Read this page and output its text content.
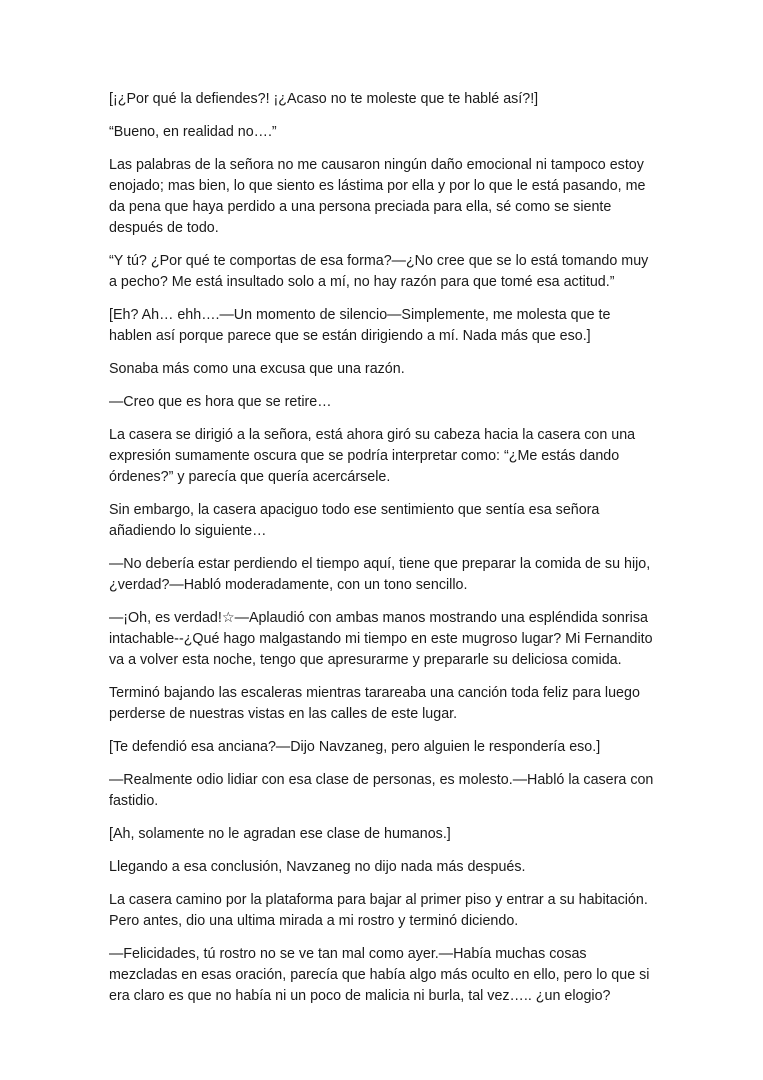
[¡¿Por qué la defiendes?! ¡¿Acaso no te moleste que te hablé así?!]

“Bueno, en realidad no….”

Las palabras de la señora no me causaron ningún daño emocional ni tampoco estoy enojado; mas bien, lo que siento es lástima por ella y por lo que le está pasando, me da pena que haya perdido a una persona preciada para ella, sé como se siente después de todo.

“Y tú? ¿Por qué te comportas de esa forma?—¿No cree que se lo está tomando muy a pecho? Me está insultado solo a mí, no hay razón para que tomé esa actitud.”

[Eh? Ah… ehh….—Un momento de silencio—Simplemente, me molesta que te hablen así porque parece que se están dirigiendo a mí. Nada más que eso.]

Sonaba más como una excusa que una razón.

—Creo que es hora que se retire…

La casera se dirigió a la señora, está ahora giró su cabeza hacia la casera con una expresión sumamente oscura que se podría interpretar como: “¿Me estás dando órdenes?” y parecía que quería acercársele.

Sin embargo, la casera apaciguo todo ese sentimiento que sentía esa señora añadiendo lo siguiente…

—No debería estar perdiendo el tiempo aquí, tiene que preparar la comida de su hijo, ¿verdad?—Habló moderadamente, con un tono sencillo.

—¡Oh, es verdad!☆—Aplaudió con ambas manos mostrando una espléndida sonrisa intachable--¿Qué hago malgastando mi tiempo en este mugroso lugar? Mi Fernandito va a volver esta noche, tengo que apresurarme y prepararle su deliciosa comida.

Terminó bajando las escaleras mientras tarareaba una canción toda feliz para luego perderse de nuestras vistas en las calles de este lugar.

[Te defendió esa anciana?—Dijo Navzaneg, pero alguien le respondería eso.]

—Realmente odio lidiar con esa clase de personas, es molesto.—Habló la casera con fastidio.

[Ah, solamente no le agradan ese clase de humanos.]

Llegando a esa conclusión, Navzaneg no dijo nada más después.

La casera camino por la plataforma para bajar al primer piso y entrar a su habitación. Pero antes, dio una ultima mirada a mi rostro y terminó diciendo.

—Felicidades, tú rostro no se ve tan mal como ayer.—Había muchas cosas mezcladas en esas oración, parecía que había algo más oculto en ello, pero lo que si era claro es que no había ni un poco de malicia ni burla, tal vez….. ¿un elogio?
